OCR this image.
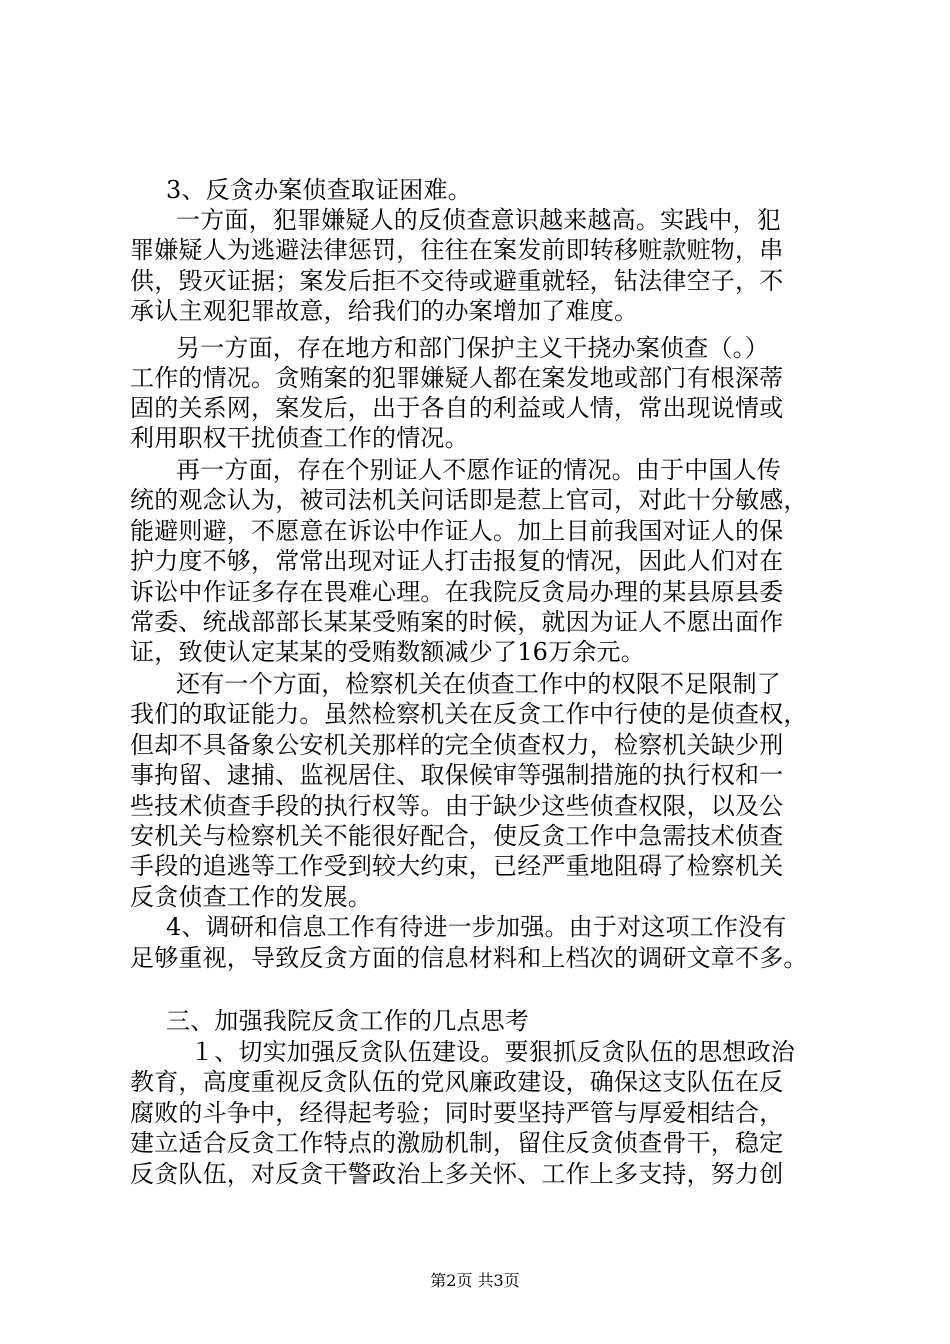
3、反贪办案侦查取证困难。
一方面，犯罪嫌疑人的反侦查意识越来越高。实践中，犯
罪嫌疑人为逃避法律惩罚，往往在案发前即转移赃款赃物，串
供，毁灭证据；案发后拒不交待或避重就轻，钻法律空子，不
承认主观犯罪故意，给我们的办案增加了难度。
另一方面，存在地方和部门保护主义干挠办案侦查（。）
工作的情况。贪贿案的犯罪嫌疑人都在案发地或部门有根深蒂
固的关系网，案发后，出于各自的利益或人情，常出现说情或
利用职权干扰侦查工作的情况。
再一方面，存在个别证人不愿作证的情况。由于中国人传
统的观念认为，被司法机关问话即是惹上官司，对此十分敏感，
能避则避，不愿意在诉讼中作证人。加上目前我国对证人的保
护力度不够，常常出现对证人打击报复的情况，因此人们对在
诉讼中作证多存在畏难心理。在我院反贪局办理的某县原县委
常委、统战部部长某某受贿案的时候，就因为证人不愿出面作
证，致使认定某某的受贿数额减少了16万余元。
还有一个方面，检察机关在侦查工作中的权限不足限制了
我们的取证能力。虽然检察机关在反贪工作中行使的是侦查权，
但却不具备象公安机关那样的完全侦查权力，检察机关缺少刑
事拘留、逮捕、监视居住、取保候审等强制措施的执行权和一
些技术侦查手段的执行权等。由于缺少这些侦查权限，以及公
安机关与检察机关不能很好配合，使反贪工作中急需技术侦查
手段的追逃等工作受到较大约束，已经严重地阻碍了检察机关
反贪侦查工作的发展。
4、调研和信息工作有待进一步加强。由于对这项工作没有
足够重视，导致反贪方面的信息材料和上档次的调研文章不多。
三、加强我院反贪工作的几点思考
１、切实加强反贪队伍建设。要狠抓反贪队伍的思想政治
教育，高度重视反贪队伍的党风廉政建设，确保这支队伍在反
腐败的斗争中，经得起考验；同时要坚持严管与厚爱相结合，
建立适合反贪工作特点的激励机制，留住反贪侦查骨干，稳定
反贪队伍，对反贪干警政治上多关怀、工作上多支持，努力创
第2页 共3页
